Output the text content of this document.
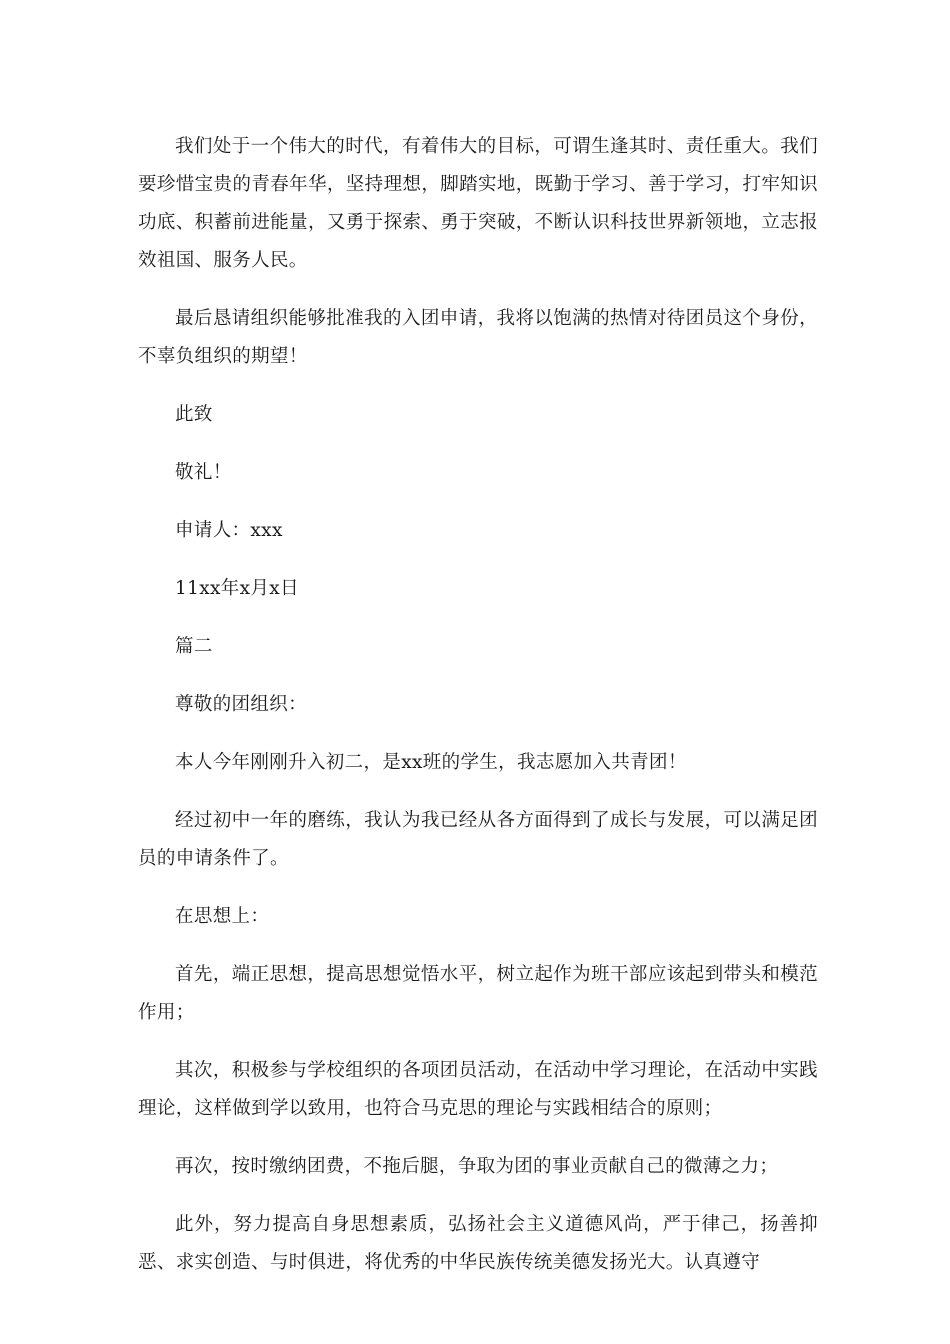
我们处于一个伟大的时代，有着伟大的目标，可谓生逢其时、责任重大。我们要珍惜宝贵的青春年华，坚持理想，脚踏实地，既勤于学习、善于学习，打牢知识功底、积蓄前进能量，又勇于探索、勇于突破，不断认识科技世界新领地，立志报效祖国、服务人民。

最后恳请组织能够批准我的入团申请，我将以饱满的热情对待团员这个身份，不辜负组织的期望！

此致

敬礼！

申请人：xxx

11xx年x月x日

篇二

尊敬的团组织：

本人今年刚刚升入初二，是xx班的学生，我志愿加入共青团！

经过初中一年的磨练，我认为我已经从各方面得到了成长与发展，可以满足团员的申请条件了。

在思想上：

首先，端正思想，提高思想觉悟水平，树立起作为班干部应该起到带头和模范作用；

其次，积极参与学校组织的各项团员活动，在活动中学习理论，在活动中实践理论，这样做到学以致用，也符合马克思的理论与实践相结合的原则；

再次，按时缴纳团费，不拖后腿，争取为团的事业贡献自己的微薄之力；

此外，努力提高自身思想素质，弘扬社会主义道德风尚，严于律己，扬善抑恶、求实创造、与时俱进，将优秀的中华民族传统美德发扬光大。认真遵守
